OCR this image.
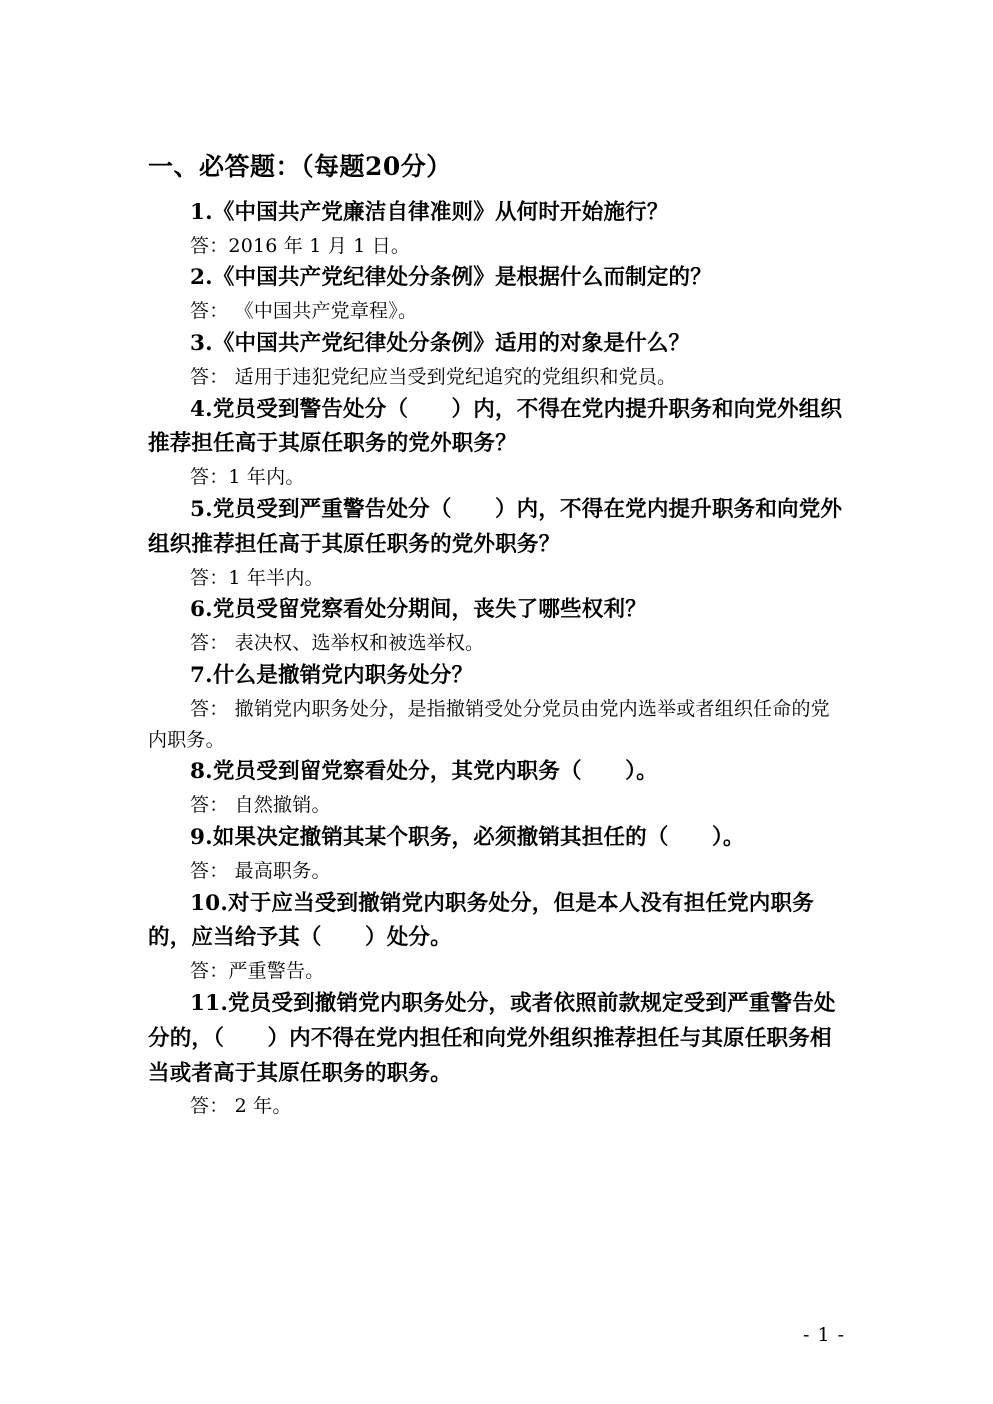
一、必答题：（每题20分）

1.《中国共产党廉洁自律准则》从何时开始施行？

答：2016 年 1 月 1 日。

2.《中国共产党纪律处分条例》是根据什么而制定的？

答： 《中国共产党章程》。

3.《中国共产党纪律处分条例》适用的对象是什么？

答： 适用于违犯党纪应当受到党纪追究的党组织和党员。

4.党员受到警告处分（　　）内，不得在党内提升职务和向党外组织推荐担任高于其原任职务的党外职务？

答：1 年内。

5.党员受到严重警告处分（　　）内，不得在党内提升职务和向党外组织推荐担任高于其原任职务的党外职务？

答：1 年半内。

6.党员受留党察看处分期间，丧失了哪些权利？

答： 表决权、选举权和被选举权。

7.什么是撤销党内职务处分？

答： 撤销党内职务处分，是指撤销受处分党员由党内选举或者组织任命的党内职务。

8.党员受到留党察看处分，其党内职务（　　）。

答： 自然撤销。

9.如果决定撤销其某个职务，必须撤销其担任的（　　）。

答： 最高职务。

10.对于应当受到撤销党内职务处分，但是本人没有担任党内职务的，应当给予其（　　）处分。

答：严重警告。

11.党员受到撤销党内职务处分，或者依照前款规定受到严重警告处分的，（　　）内不得在党内担任和向党外组织推荐担任与其原任职务相当或者高于其原任职务的职务。

答： 2 年。

- 1 -
